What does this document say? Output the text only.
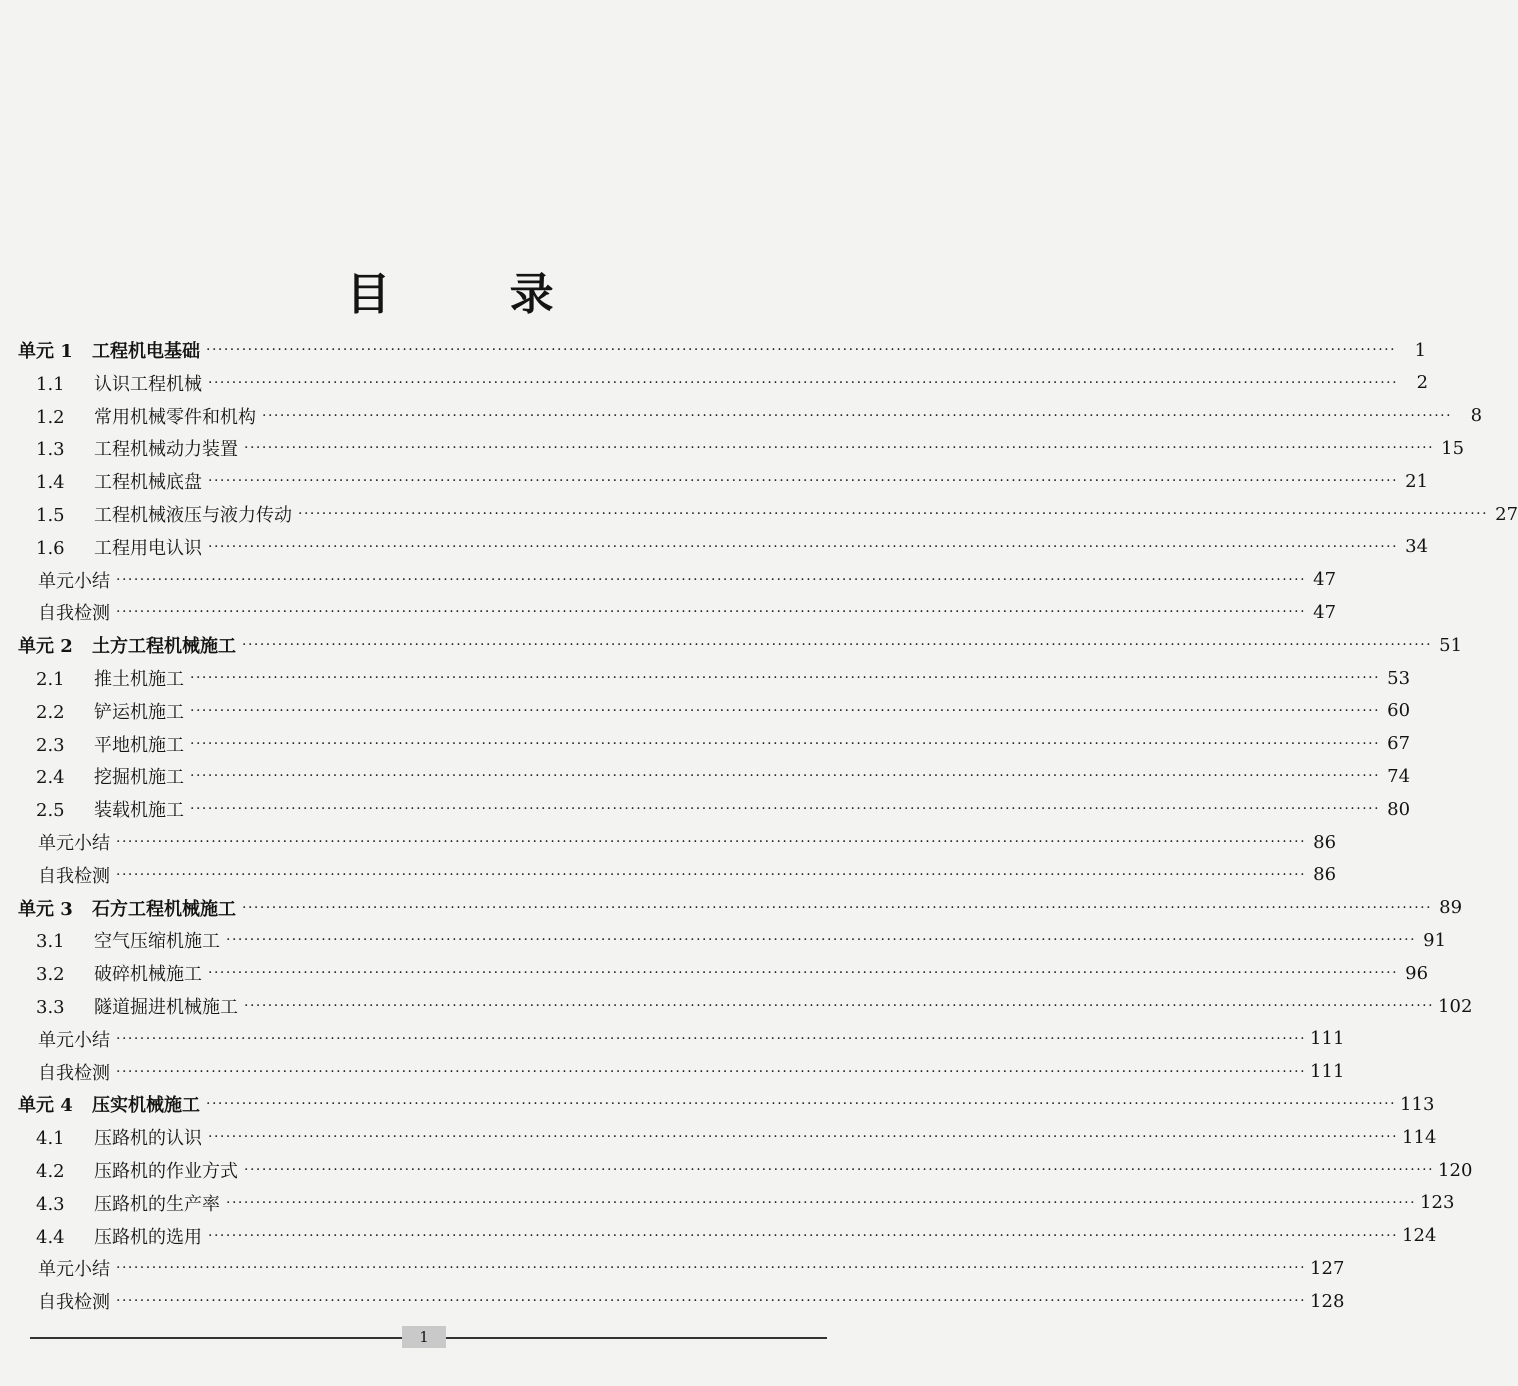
目 录
单元 1 工程机电基础 ········································································································································································································	1
1.1 认识工程机械 ········································································································································································································	2
1.2 常用机械零件和机构 ········································································································································································································	8
1.3 工程机械动力装置 ········································································································································································································ 15
1.4 工程机械底盘 ········································································································································································································ 21
1.5 工程机械液压与液力传动 ········································································································································································································ 27
1.6 工程用电认识 ········································································································································································································ 34
单元小结 ········································································································································································································ 47
自我检测 ········································································································································································································ 47
单元 2 土方工程机械施工 ········································································································································································································ 51
2.1 推土机施工 ········································································································································································································ 53
2.2 铲运机施工 ········································································································································································································ 60
2.3 平地机施工 ········································································································································································································ 67
2.4 挖掘机施工 ········································································································································································································ 74
2.5 装载机施工 ········································································································································································································ 80
单元小结 ········································································································································································································ 86
自我检测 ········································································································································································································ 86
单元 3 石方工程机械施工 ········································································································································································································ 89
3.1 空气压缩机施工 ········································································································································································································ 91
3.2 破碎机械施工 ········································································································································································································ 96
3.3 隧道掘进机械施工 ········································································································································································································ 102
单元小结 ········································································································································································································ 111
自我检测 ········································································································································································································ 111
单元 4 压实机械施工 ········································································································································································································ 113
4.1 压路机的认识 ········································································································································································································ 114
4.2 压路机的作业方式 ········································································································································································································ 120
4.3 压路机的生产率 ········································································································································································································ 123
4.4 压路机的选用 ········································································································································································································ 124
单元小结 ········································································································································································································ 127
自我检测 ········································································································································································································ 128
1
